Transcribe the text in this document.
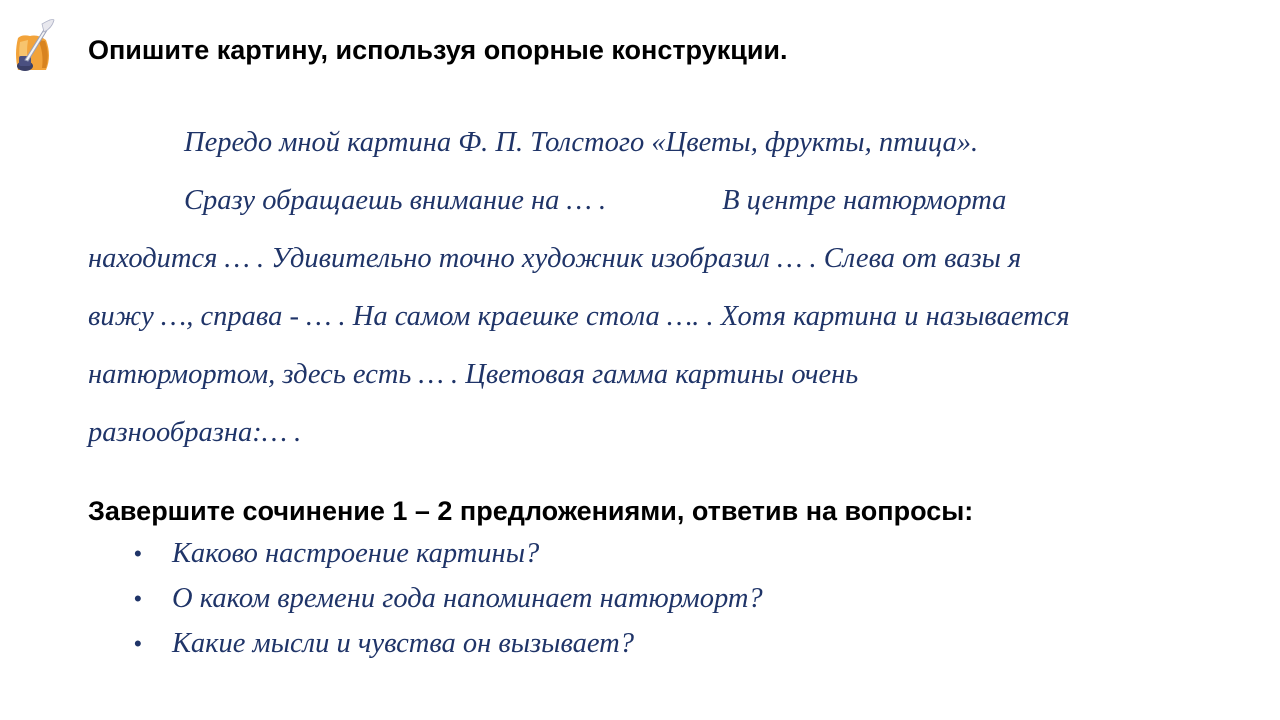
Опишите картину, используя опорные конструкции.
Передо мной картина Ф. П. Толстого «Цветы, фрукты, птица».
Сразу обращаешь внимание на … .	В центре натюрморта
находится … . Удивительно точно художник изобразил … . Слева от вазы я
вижу …, справа - … . На самом краешке стола …. . Хотя картина и называется
натюрмортом, здесь есть … . Цветовая гамма картины очень
разнообразна:… .
Завершите сочинение 1 – 2 предложениями, ответив на вопросы:
• Каково настроение картины?
• О каком времени года напоминает натюрморт?
• Какие мысли и чувства он вызывает?
